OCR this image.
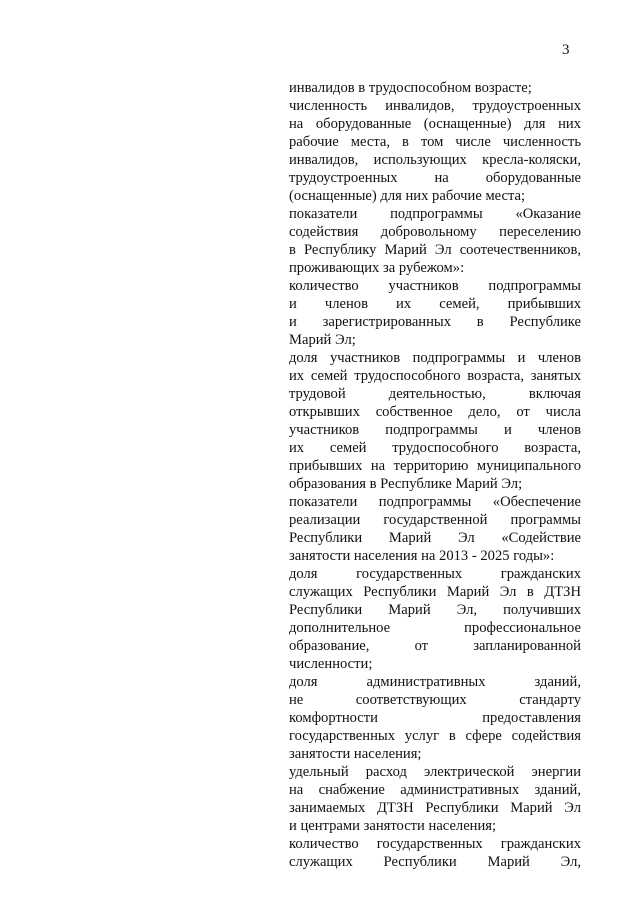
3
инвалидов в трудоспособном возрасте;
численность инвалидов, трудоустроенных
на оборудованные (оснащенные) для них
рабочие места, в том числе численность
инвалидов, использующих кресла-коляски,
трудоустроенных на оборудованные
(оснащенные) для них рабочие места;
показатели подпрограммы «Оказание
содействия добровольному переселению
в Республику Марий Эл соотечественников,
проживающих за рубежом»:
количество участников подпрограммы
и членов их семей, прибывших
и зарегистрированных в Республике
Марий Эл;
доля участников подпрограммы и членов
их семей трудоспособного возраста, занятых
трудовой деятельностью, включая
открывших собственное дело, от числа
участников подпрограммы и членов
их семей трудоспособного возраста,
прибывших на территорию муниципального
образования в Республике Марий Эл;
показатели подпрограммы «Обеспечение
реализации государственной программы
Республики Марий Эл «Содействие
занятости населения на 2013 - 2025 годы»:
доля государственных гражданских
служащих Республики Марий Эл в ДТЗН
Республики Марий Эл, получивших
дополнительное профессиональное
образование, от запланированной
численности;
доля административных зданий,
не соответствующих стандарту
комфортности предоставления
государственных услуг в сфере содействия
занятости населения;
удельный расход электрической энергии
на снабжение административных зданий,
занимаемых ДТЗН Республики Марий Эл
и центрами занятости населения;
количество государственных гражданских
служащих Республики Марий Эл,
